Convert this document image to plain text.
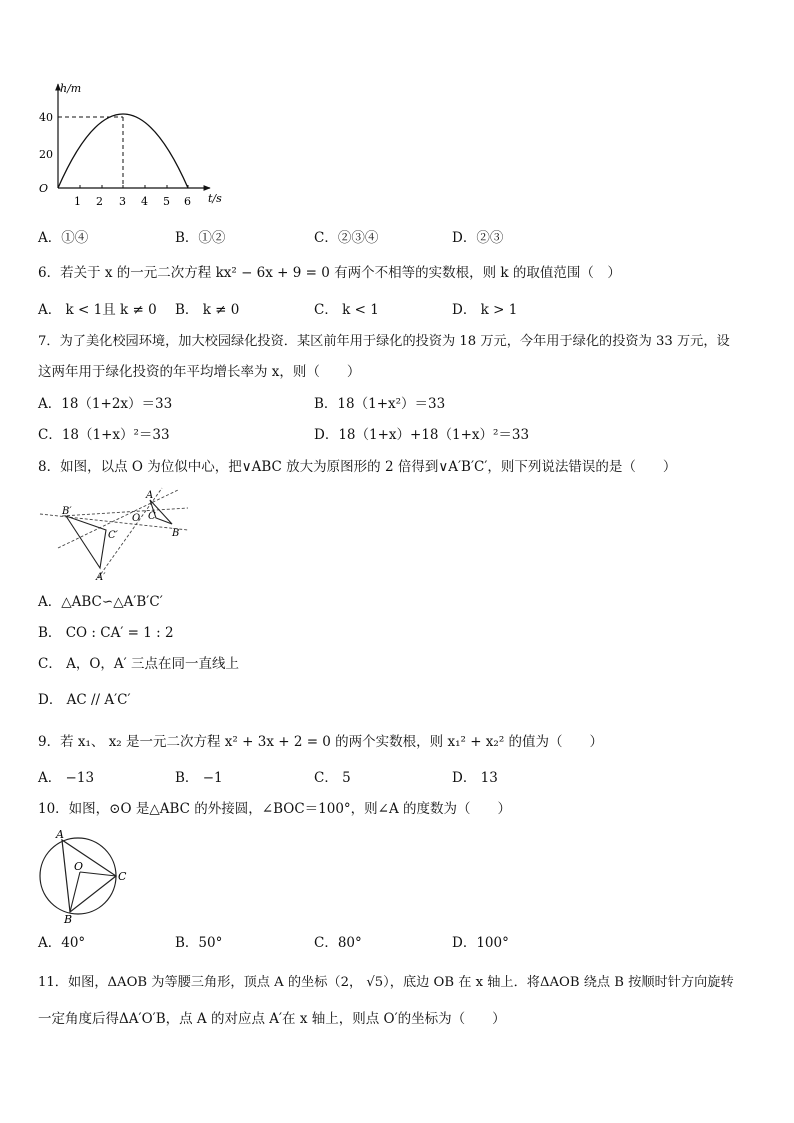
h/m
t/s
O
40
20
1 2 3 4 5 6
A．①④	B．①②	C．②③④	D．②③
6．若关于 x 的一元二次方程 kx² − 6x + 9 = 0 有两个不相等的实数根，则 k 的取值范围（　）
A． k < 1且 k ≠ 0 B． k ≠ 0	C． k < 1	D． k > 1
7．为了美化校园环境，加大校园绿化投资．某区前年用于绿化的投资为 18 万元，今年用于绿化的投资为 33 万元，设
这两年用于绿化投资的年平均增长率为 x，则（　　）
A．18（1+2x）＝33	B．18（1+x²）＝33
C．18（1+x）²＝33	D．18（1+x）+18（1+x）²＝33
8．如图，以点 O 为位似中心，把∨ABC 放大为原图形的 2 倍得到∨A′B′C′，则下列说法错误的是（　　）
B′
C′
A′
O
A
C
B
A．△ABC∽△A′B′C′
B． CO : CA′ = 1 : 2
C． A，O，A′ 三点在同一直线上
D． AC // A′C′
9．若 x₁、 x₂ 是一元二次方程 x² + 3x + 2 = 0 的两个实数根，则 x₁² + x₂² 的值为（　　）
A． −13	B． −1	C． 5	D． 13
10．如图，⊙O 是△ABC 的外接圆，∠BOC＝100°，则∠A 的度数为（　　）
A
O
C
B
A．40°	B．50°	C．80°	D．100°
11．如图，ΔAOB 为等腰三角形，顶点 A 的坐标（2， √5），底边 OB 在 x 轴上．将ΔAOB 绕点 B 按顺时针方向旋转
一定角度后得ΔA′O′B，点 A 的对应点 A′在 x 轴上，则点 O′的坐标为（　　）
